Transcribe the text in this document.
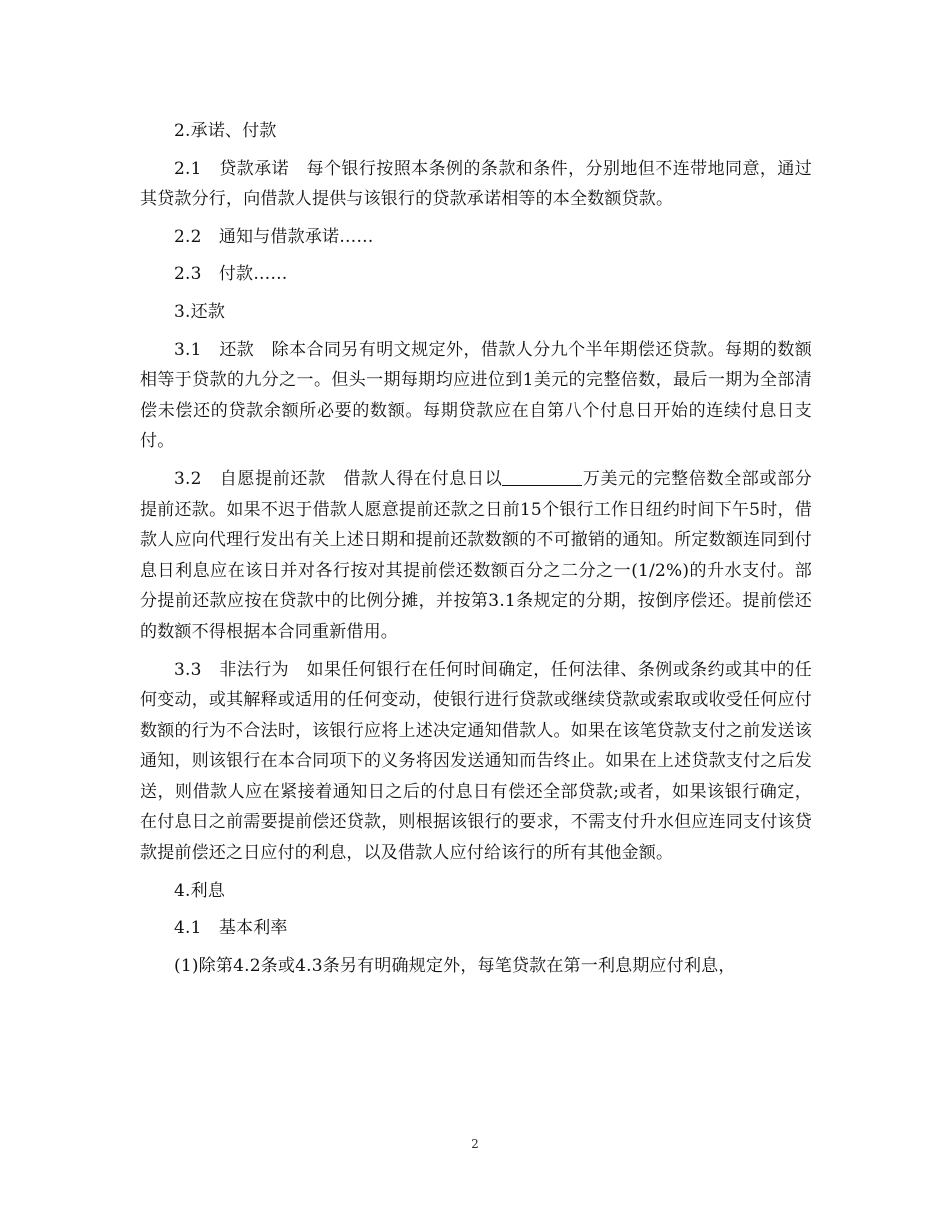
2.承诺、付款

2.1　贷款承诺　每个银行按照本条例的条款和条件，分别地但不连带地同意，通过其贷款分行，向借款人提供与该银行的贷款承诺相等的本全数额贷款。

2.2　通知与借款承诺……

2.3　付款……

3.还款

3.1　还款　除本合同另有明文规定外，借款人分九个半年期偿还贷款。每期的数额相等于贷款的九分之一。但头一期每期均应进位到1美元的完整倍数，最后一期为全部清偿未偿还的贷款余额所必要的数额。每期贷款应在自第八个付息日开始的连续付息日支付。

3.2　自愿提前还款　借款人得在付息日以	万美元的完整倍数全部或部分提前还款。如果不迟于借款人愿意提前还款之日前15个银行工作日纽约时间下午5时，借款人应向代理行发出有关上述日期和提前还款数额的不可撤销的通知。所定数额连同到付息日利息应在该日并对各行按对其提前偿还数额百分之二分之一(1/2%)的升水支付。部分提前还款应按在贷款中的比例分摊，并按第3.1条规定的分期，按倒序偿还。提前偿还的数额不得根据本合同重新借用。

3.3　非法行为　如果任何银行在任何时间确定，任何法律、条例或条约或其中的任何变动，或其解释或适用的任何变动，使银行进行贷款或继续贷款或索取或收受任何应付数额的行为不合法时，该银行应将上述决定通知借款人。如果在该笔贷款支付之前发送该通知，则该银行在本合同项下的义务将因发送通知而告终止。如果在上述贷款支付之后发送，则借款人应在紧接着通知日之后的付息日有偿还全部贷款;或者，如果该银行确定，在付息日之前需要提前偿还贷款，则根据该银行的要求，不需支付升水但应连同支付该贷款提前偿还之日应付的利息，以及借款人应付给该行的所有其他金额。

4.利息

4.1　基本利率

(1)除第4.2条或4.3条另有明确规定外，每笔贷款在第一利息期应付利息，

2
